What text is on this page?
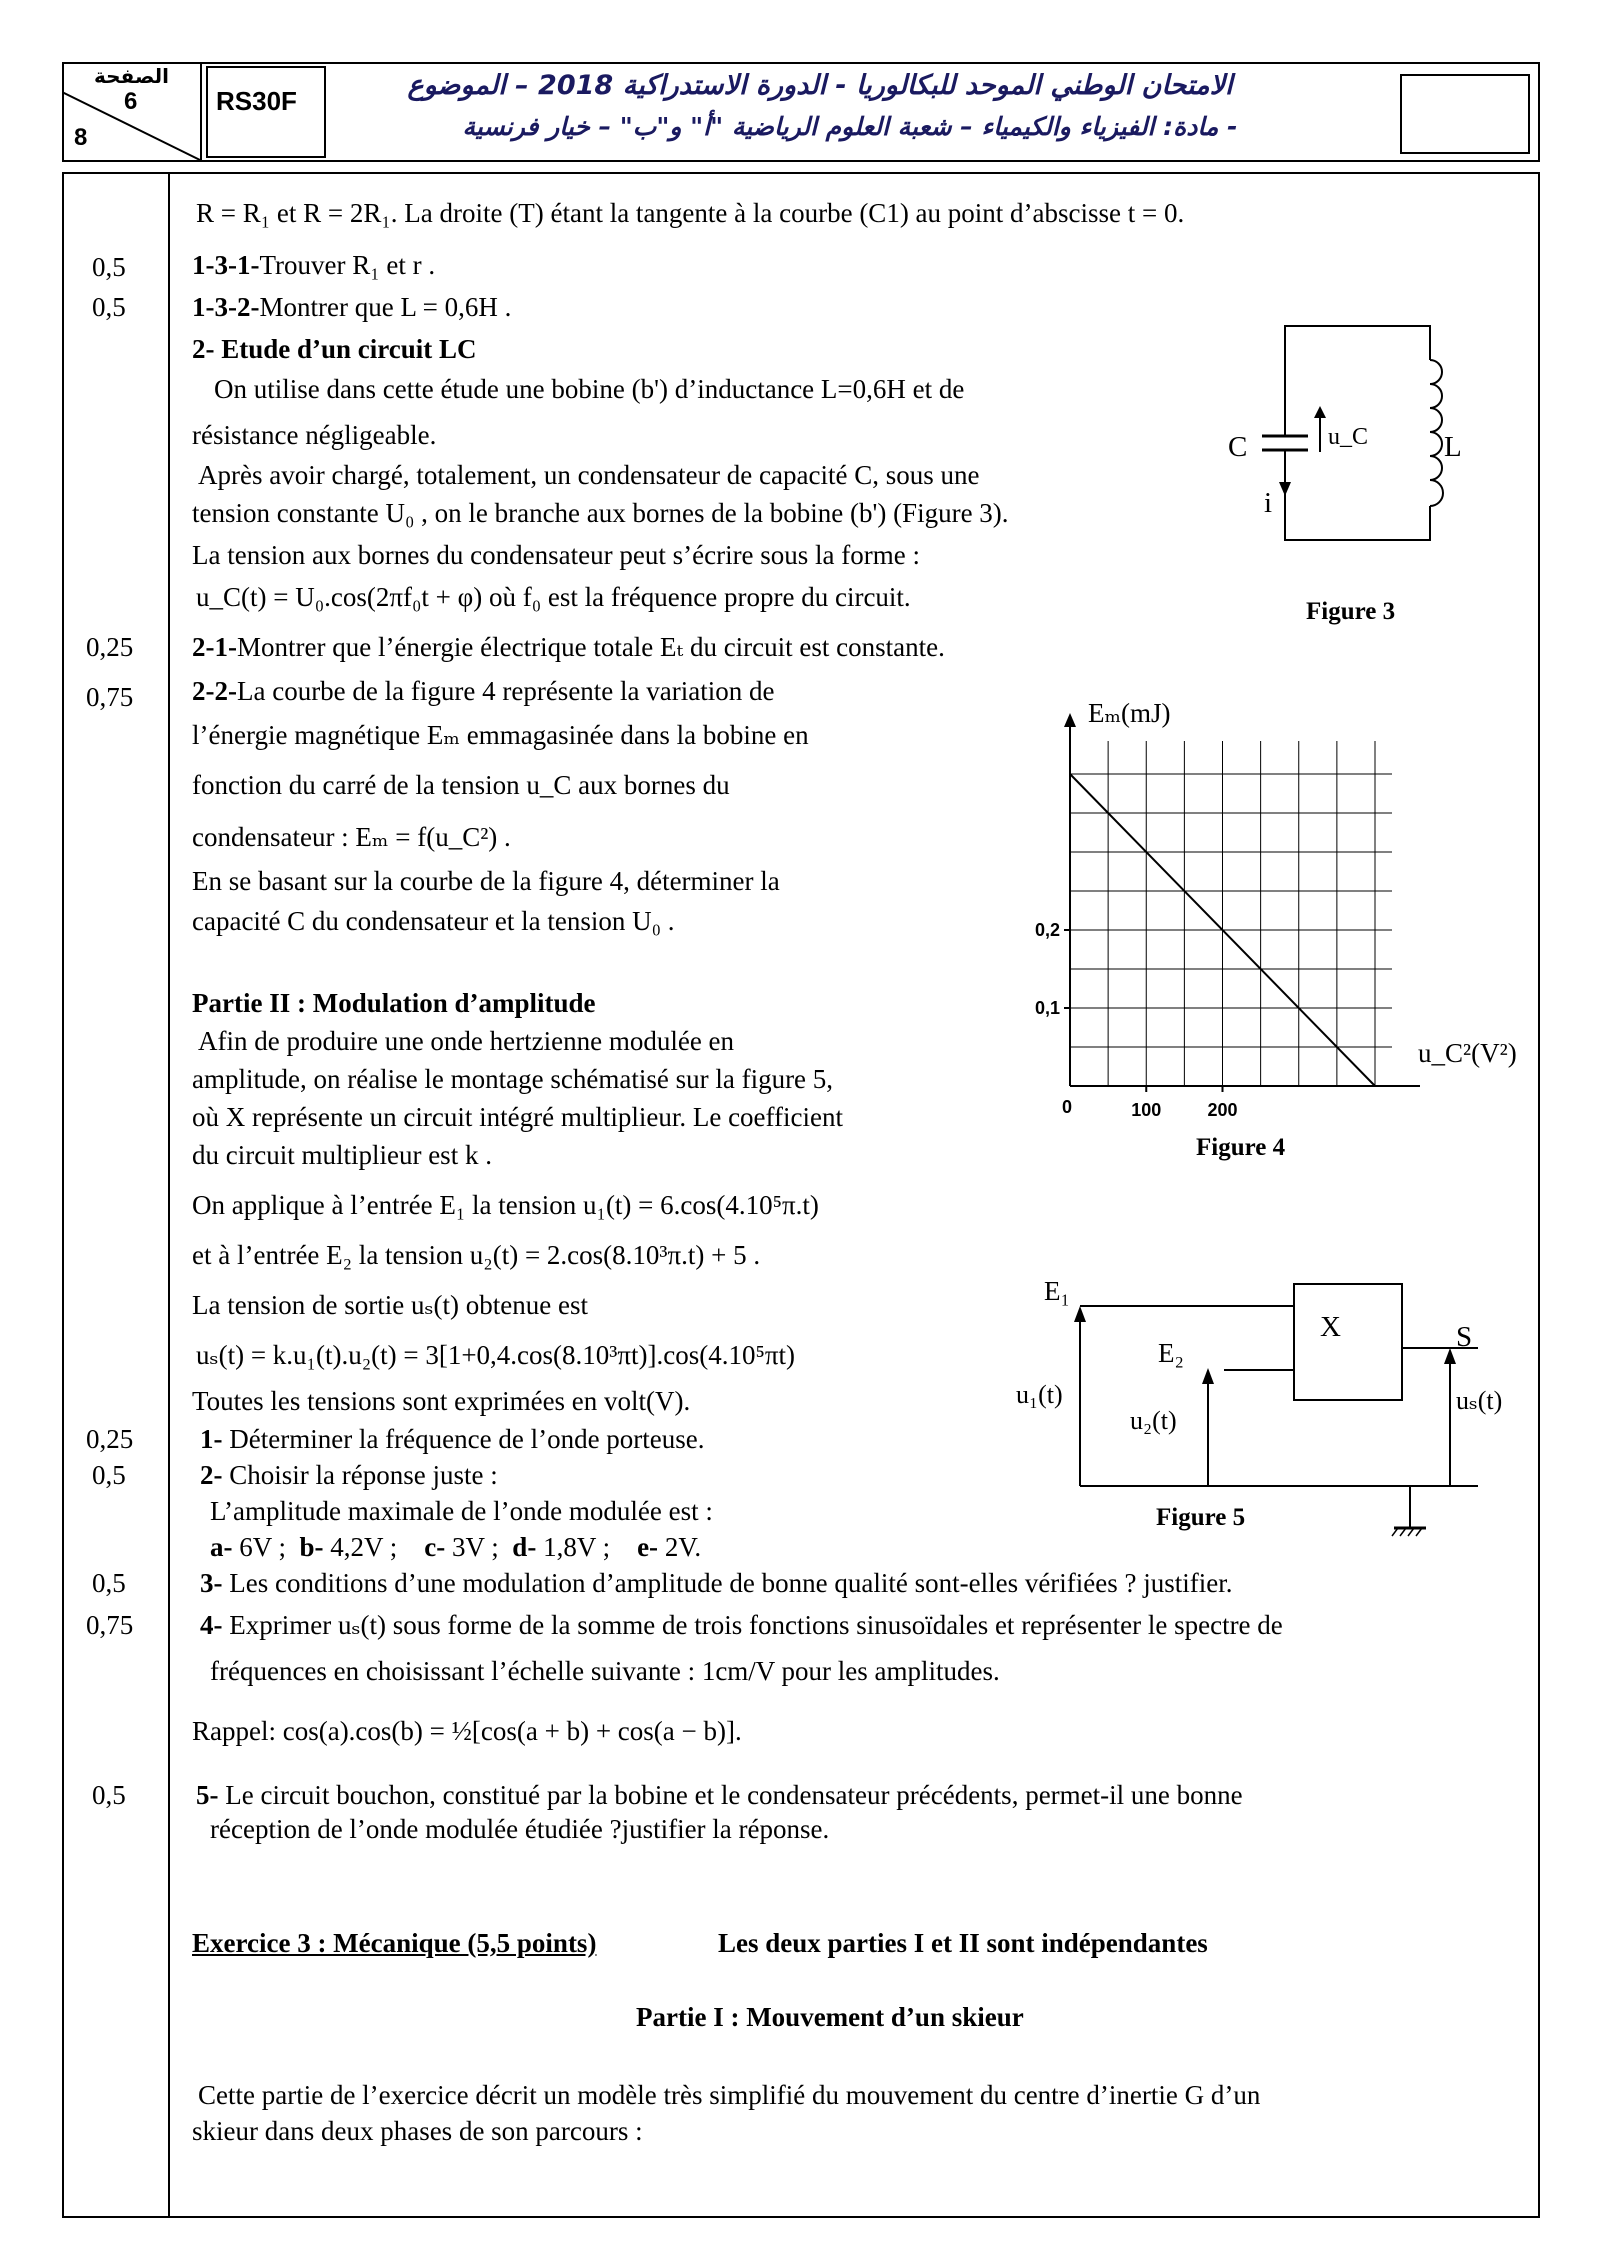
الصفحة
6
8
RS30F	الامتحان الوطني الموحد للبكالوريا - الدورة الاستدراكية 2018 – الموضوع
- مادة: الفيزياء والكيمياء – شعبة العلوم الرياضية "أ" و"ب" – خيار فرنسية
0,5
0,5
0,25
0,75
0,25
0,5
0,5
0,75
0,5
R = R₁ et R = 2R₁. La droite (T) étant la tangente à la courbe (C1) au point d’abscisse t = 0.
1-3-1-Trouver R₁ et r .
1-3-2-Montrer que L = 0,6H .
2- Etude d’un circuit LC
On utilise dans cette étude une bobine (b') d’inductance L=0,6H et de
résistance négligeable.
Après avoir chargé, totalement, un condensateur de capacité C, sous une
tension constante U₀ , on le branche aux bornes de la bobine (b') (Figure 3).
La tension aux bornes du condensateur peut s’écrire sous la forme :
u_C(t) = U₀.cos(2πf₀t + φ) où f₀ est la fréquence propre du circuit.
2-1-Montrer que l’énergie électrique totale Eₜ du circuit est constante.
2-2-La courbe de la figure 4 représente la variation de
l’énergie magnétique Eₘ emmagasinée dans la bobine en
fonction du carré de la tension u_C aux bornes du
condensateur : Eₘ = f(u_C²) .
En se basant sur la courbe de la figure 4, déterminer la
capacité C du condensateur et la tension U₀ .
Partie II : Modulation d’amplitude
Afin de produire une onde hertzienne modulée en
amplitude, on réalise le montage schématisé sur la figure 5,
où X représente un circuit intégré multiplieur. Le coefficient
du circuit multiplieur est k .
On applique à l’entrée E₁ la tension u₁(t) = 6.cos(4.10⁵π.t)
et à l’entrée E₂ la tension u₂(t) = 2.cos(8.10³π.t) + 5 .
La tension de sortie uₛ(t) obtenue est
uₛ(t) = k.u₁(t).u₂(t) = 3[1+0,4.cos(8.10³πt)].cos(4.10⁵πt)
Toutes les tensions sont exprimées en volt(V).
1- Déterminer la fréquence de l’onde porteuse.
2- Choisir la réponse juste :
L’amplitude maximale de l’onde modulée est :
a- 6V ; b- 4,2V ; c- 3V ; d- 1,8V ; e- 2V.
3- Les conditions d’une modulation d’amplitude de bonne qualité sont-elles vérifiées ? justifier.
4- Exprimer uₛ(t) sous forme de la somme de trois fonctions sinusoïdales et représenter le spectre de
fréquences en choisissant l’échelle suivante : 1cm/V pour les amplitudes.
Rappel: cos(a).cos(b) = ½[cos(a + b) + cos(a − b)].
5- Le circuit bouchon, constitué par la bobine et le condensateur précédents, permet-il une bonne
réception de l’onde modulée étudiée ?justifier la réponse.
Exercice 3 : Mécanique (5,5 points)	Les deux parties I et II sont indépendantes
Partie I : Mouvement d’un skieur
Cette partie de l’exercice décrit un modèle très simplifié du mouvement du centre d’inertie G d’un
skieur dans deux phases de son parcours :
C	u_C	L
i
Figure 3
100	200
0,1
0,2
Eₘ(mJ)
u_C²(V²)
0
Figure 4
E₁
E₂
X	S
u₁(t)
u₂(t)
uₛ(t)
Figure 5
